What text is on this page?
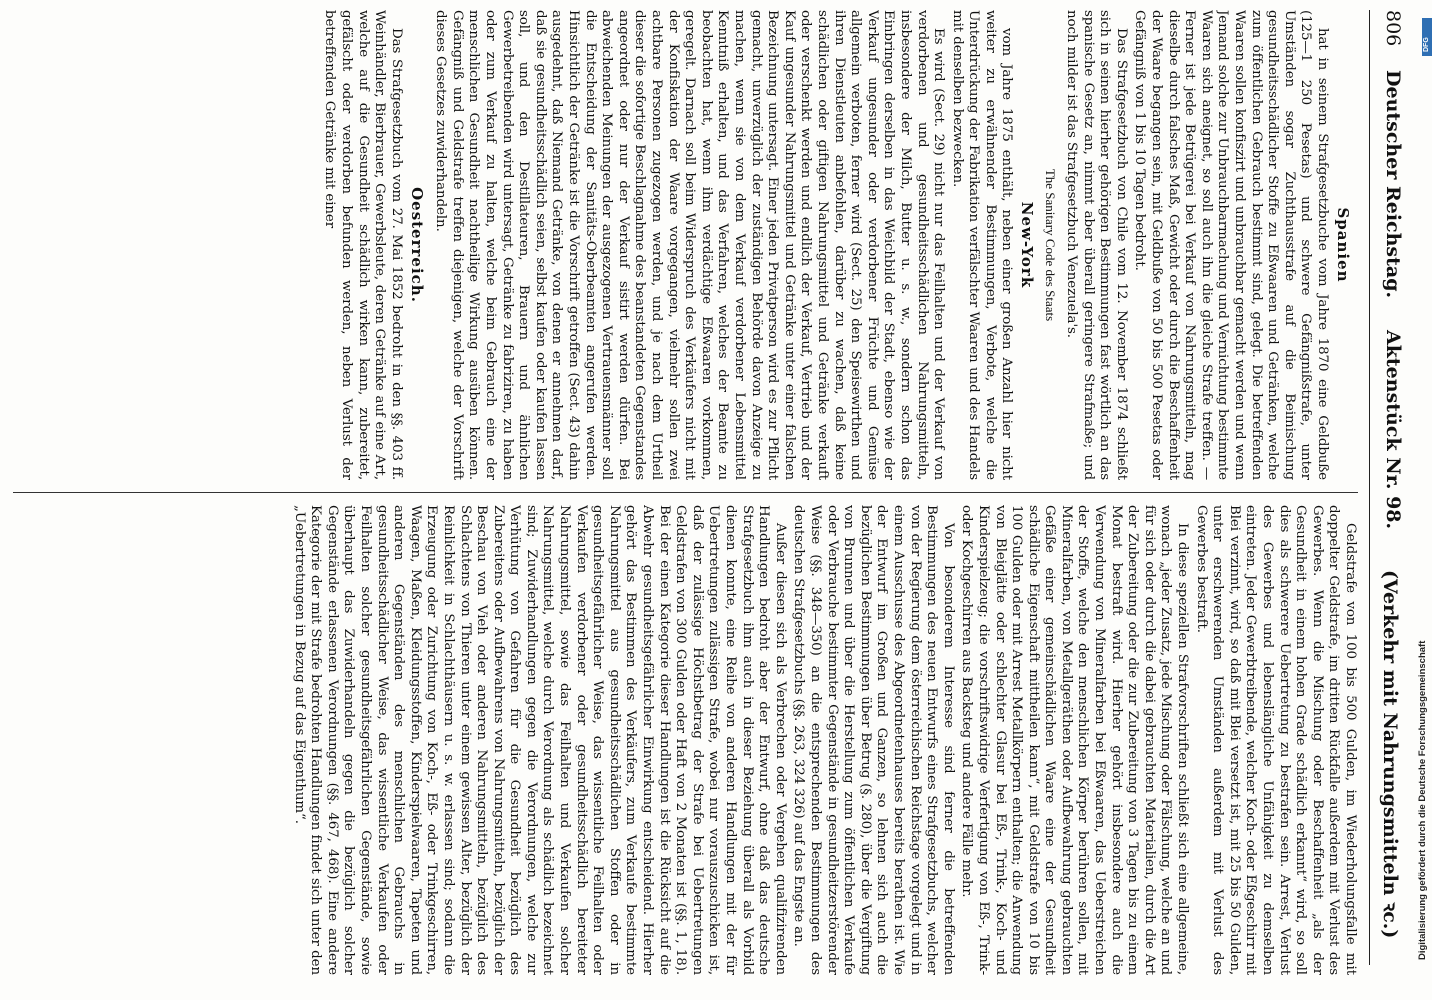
806
Deutscher Reichstag.
Aktenstück Nr. 98.
(Verkehr mit Nahrungsmitteln ꝛc.)
Spanien

hat in seinem Strafgesetzbuche vom Jahre 1870 eine Geldbuße (125—1 250 Pesetas) und schwere Gefängnißstrafe, unter Umständen sogar Zuchthausstrafe auf die Beimischung gesundheitsschädlicher Stoffe zu Eßwaaren und Getränken, welche zum öffentlichen Gebrauch bestimmt sind, gelegt. Die betreffenden Waaren sollen konfiszirt und unbrauchbar gemacht werden und wenn Jemand solche zur Unbrauchbarmachung und Vernichtung bestimmte Waaren sich aneignet, so soll auch ihn die gleiche Strafe treffen. — Ferner ist jede Betrügerei bei Verkauf von Nahrungsmitteln, mag dieselbe durch falsches Maß, Gewicht oder durch die Beschaffenheit der Waare begangen sein, mit Geldbuße von 50 bis 500 Pesetas oder Gefängniß von 1 bis 10 Tagen bedroht.

Das Strafgesetzbuch von Chile vom 12. November 1874 schließt sich in seinen hierher gehörigen Bestimmungen fast wörtlich an das spanische Gesetz an, nimmt aber überall geringere Strafmaße; und noch milder ist das Strafgesetzbuch Venezuela's.

The Sanitary Code des Staats
New-York

vom Jahre 1875 enthält, neben einer großen Anzahl hier nicht weiter zu erwähnender Bestimmungen, Verbote, welche die Unterdrückung der Fabrikation verfälschter Waaren und des Handels mit denselben bezwecken.

Es wird (Sect. 29) nicht nur das Feilhalten und der Verkauf von verdorbenen und gesundheitsschädlichen Nahrungsmitteln, insbesondere der Milch, Butter u. s. w., sondern schon das Einbringen derselben in das Weichbild der Stadt, ebenso wie der Verkauf ungesunder oder verdorbener Früchte und Gemüse allgemein verboten, ferner wird (Sect. 25) den Speisewirthen und ihren Dienstleuten anbefohlen, darüber zu wachen, daß keine schädlichen oder giftigen Nahrungsmittel und Getränke verkauft oder verschenkt werden und endlich der Verkauf, Vertrieb und der Kauf ungesunder Nahrungsmittel und Getränke unter einer falschen Bezeichnung untersagt. Einer jeden Privatperson wird es zur Pflicht gemacht, unverzüglich der zuständigen Behörde davon Anzeige zu machen, wenn sie von dem Verkauf verdorbener Lebensmittel Kenntniß erhalten, und das Verfahren, welches der Beamte zu beobachten hat, wenn ihm verdächtige Eßwaaren vorkommen, geregelt. Darnach soll beim Widerspruch des Verkäufers nicht mit der Konfiskation der Waare vorgegangen, vielmehr sollen zwei achtbare Personen zugezogen werden, und je nach dem Urtheil dieser die sofortige Beschlagnahme des beanstandeten Gegenstandes angeordnet oder nur der Verkauf sistirt werden dürfen. Bei abweichenden Meinungen der ausgezogenen Vertrauensmänner soll die Entscheidung der Sanitäts-Oberbeamten angerufen werden. Hinsichtlich der Getränke ist die Vorschrift getroffen (Sect. 43) dahin ausgedehnt, daß Niemand Getränke, von denen er annehmen darf, daß sie gesundheitsschädlich seien, selbst kaufen oder kaufen lassen soll, und den Destillateuren, Brauern und ähnlichen Gewerbetreibenden wird untersagt, Getränke zu fabriziren, zu haben oder zum Verkauf zu halten, welche beim Gebrauch eine der menschlichen Gesundheit nachtheilige Wirkung ausüben können. Gefängniß und Geldstrafe treffen diejenigen, welche der Vorschrift dieses Gesetzes zuwiderhandeln.

Oesterreich.

Das Strafgesetzbuch vom 27. Mai 1852 bedroht in den §§. 403 ff. Weinhändler, Bierbrauer, Gewerbsleute, deren Getränke auf eine Art, welche auf die Gesundheit schädlich wirken kann, zubereitet, gefälscht oder verdorben befunden werden, neben Verlust der betreffenden Getränke mit einer

Geldstrafe von 100 bis 500 Gulden, im Wiederholungsfalle mit doppelter Geldstrafe, im dritten Rückfalle außerdem mit Verlust des Gewerbes. Wenn die Mischung oder Beschaffenheit „als der Gesundheit in einem hohen Grade schädlich erkannt“ wird, so soll dies als schwerere Uebertretung zu bestrafen sein. Arrest, Verlust des Gewerbes und lebenslängliche Unfähigkeit zu demselben eintreten. Jeder Gewerbtreibende, welcher Koch- oder Eßgeschirr mit Blei verzinnt, wird, so daß mit Blei versetzt ist, mit 25 bis 50 Gulden, unter erschwerenden Umständen außerdem mit Verlust des Gewerbes bestraft.

In diese speziellen Strafvorschriften schließt sich eine allgemeine, wonach „jeder Zusatz, jede Mischung oder Fälschung, welche an und für sich oder durch die dabei gebrauchten Materialien, durch die Art der Zubereitung oder die zur Zubereitung von 3 Tagen bis zu einem Monat bestraft wird. Hierher gehört insbesondere auch die Verwendung von Mineralfarben bei Eßwaaren, das Ueberstreichen der Stoffe, welche den menschlichen Körper berühren sollen, mit Mineralfarben, von Metallgeräthen oder Aufbewahrung gebrauchten Gefäße einer gemeinschädlichen Waare eine der Gesundheit schädliche Eigenschaft mittheilen kann“, mit Geldstrafe von 10 bis 100 Gulden oder mit Arrest Metallkörpern enthalten; die Anwendung von Bleiglätte oder schlechter Glasur bei Eß-, Trink-, Koch- und Kinderspielzeug; die vorschriftswidrige Verfertigung von Eß-, Trink- oder Kochgeschirren aus Backsteg und andere Fälle mehr.

Von besonderem Interesse sind ferner die betreffenden Bestimmungen des neuen Entwurfs eines Strafgesetzbuchs, welcher von der Regierung dem österreichischen Reichstage vorgelegt und in einem Ausschusse des Abgeordnetenhauses bereits berathen ist. Wie der Entwurf im Großen und Ganzen, so lehnen sich auch die bezüglichen Bestimmungen über Betrug (§. 280), über die Vergiftung von Brunnen und über die Herstellung zum öffentlichen Verkaufe oder Verbrauche bestimmter Gegenstände in gesundheitzerstörender Weise (§§. 348—350) an die entsprechenden Bestimmungen des deutschen Strafgesetzbuchs (§§. 263, 324 326) auf das Engste an.

Außer diesen sich als Verbrechen oder Vergehen qualifizirenden Handlungen bedroht aber der Entwurf, ohne daß das deutsche Strafgesetzbuch ihm auch in dieser Beziehung überall als Vorbild dienen konnte, eine Reihe von anderen Handlungen mit der für Uebertretungen zulässigen Strafe, wobei nur vorauszuschicken ist, daß der zulässige Höchstbetrag der Strafe bei Uebertretungen Geldstrafen von 300 Gulden oder Haft von 2 Monaten ist (§§. 1, 18). Bei der einen Kategorie dieser Handlungen ist die Rücksicht auf die Abwehr gesundheitsgefährlicher Einwirkung entscheidend. Hierher gehört das Bestimmen des Verkäufers, zum Verkaufe bestimmte Nahrungsmittel aus gesundheitsschädlichen Stoffen oder in gesundheitsgefährlicher Weise, das wissentliche Feilhalten oder Verkaufen verdorbener oder gesundheitsschädlich bereiteter Nahrungsmittel, sowie das Feilhalten und Verkaufen solcher Nahrungsmittel, welche durch Verordnung als schädlich bezeichnet sind; Zuwiderhandlungen gegen die Verordnungen, welche zur Verhütung von Gefahren für die Gesundheit bezüglich des Zubereitens oder Aufbewahrens von Nahrungsmitteln, bezüglich der Beschau von Vieh oder anderen Nahrungsmitteln, bezüglich des Schlachtens von Thieren unter einem gewissen Alter, bezüglich der Reinlichkeit in Schlachthäusern u. s. w. erlassen sind; sodann die Erzeugung oder Zurichtung von Koch-, Eß- oder Trinkgeschirren, Waagen, Maßen, Kleidungsstoffen, Kinderspielwaaren, Tapeten und anderen Gegenständen des menschlichen Gebrauchs in gesundheitsschädlicher Weise, das wissentliche Verkaufen oder Feilhalten solcher gesundheitsgefährlichen Gegenstände, sowie überhaupt das Zuwiderhandeln gegen die bezüglich solcher Gegenstände erlassenen Verordnungen (§§. 467, 468). Eine andere Kategorie der mit Strafe bedrohten Handlungen findet sich unter den „Uebertretungen in Bezug auf das Eigenthum“.

DFG
Digitalisierung gefördert durch die Deutsche Forschungsgemeinschaft
